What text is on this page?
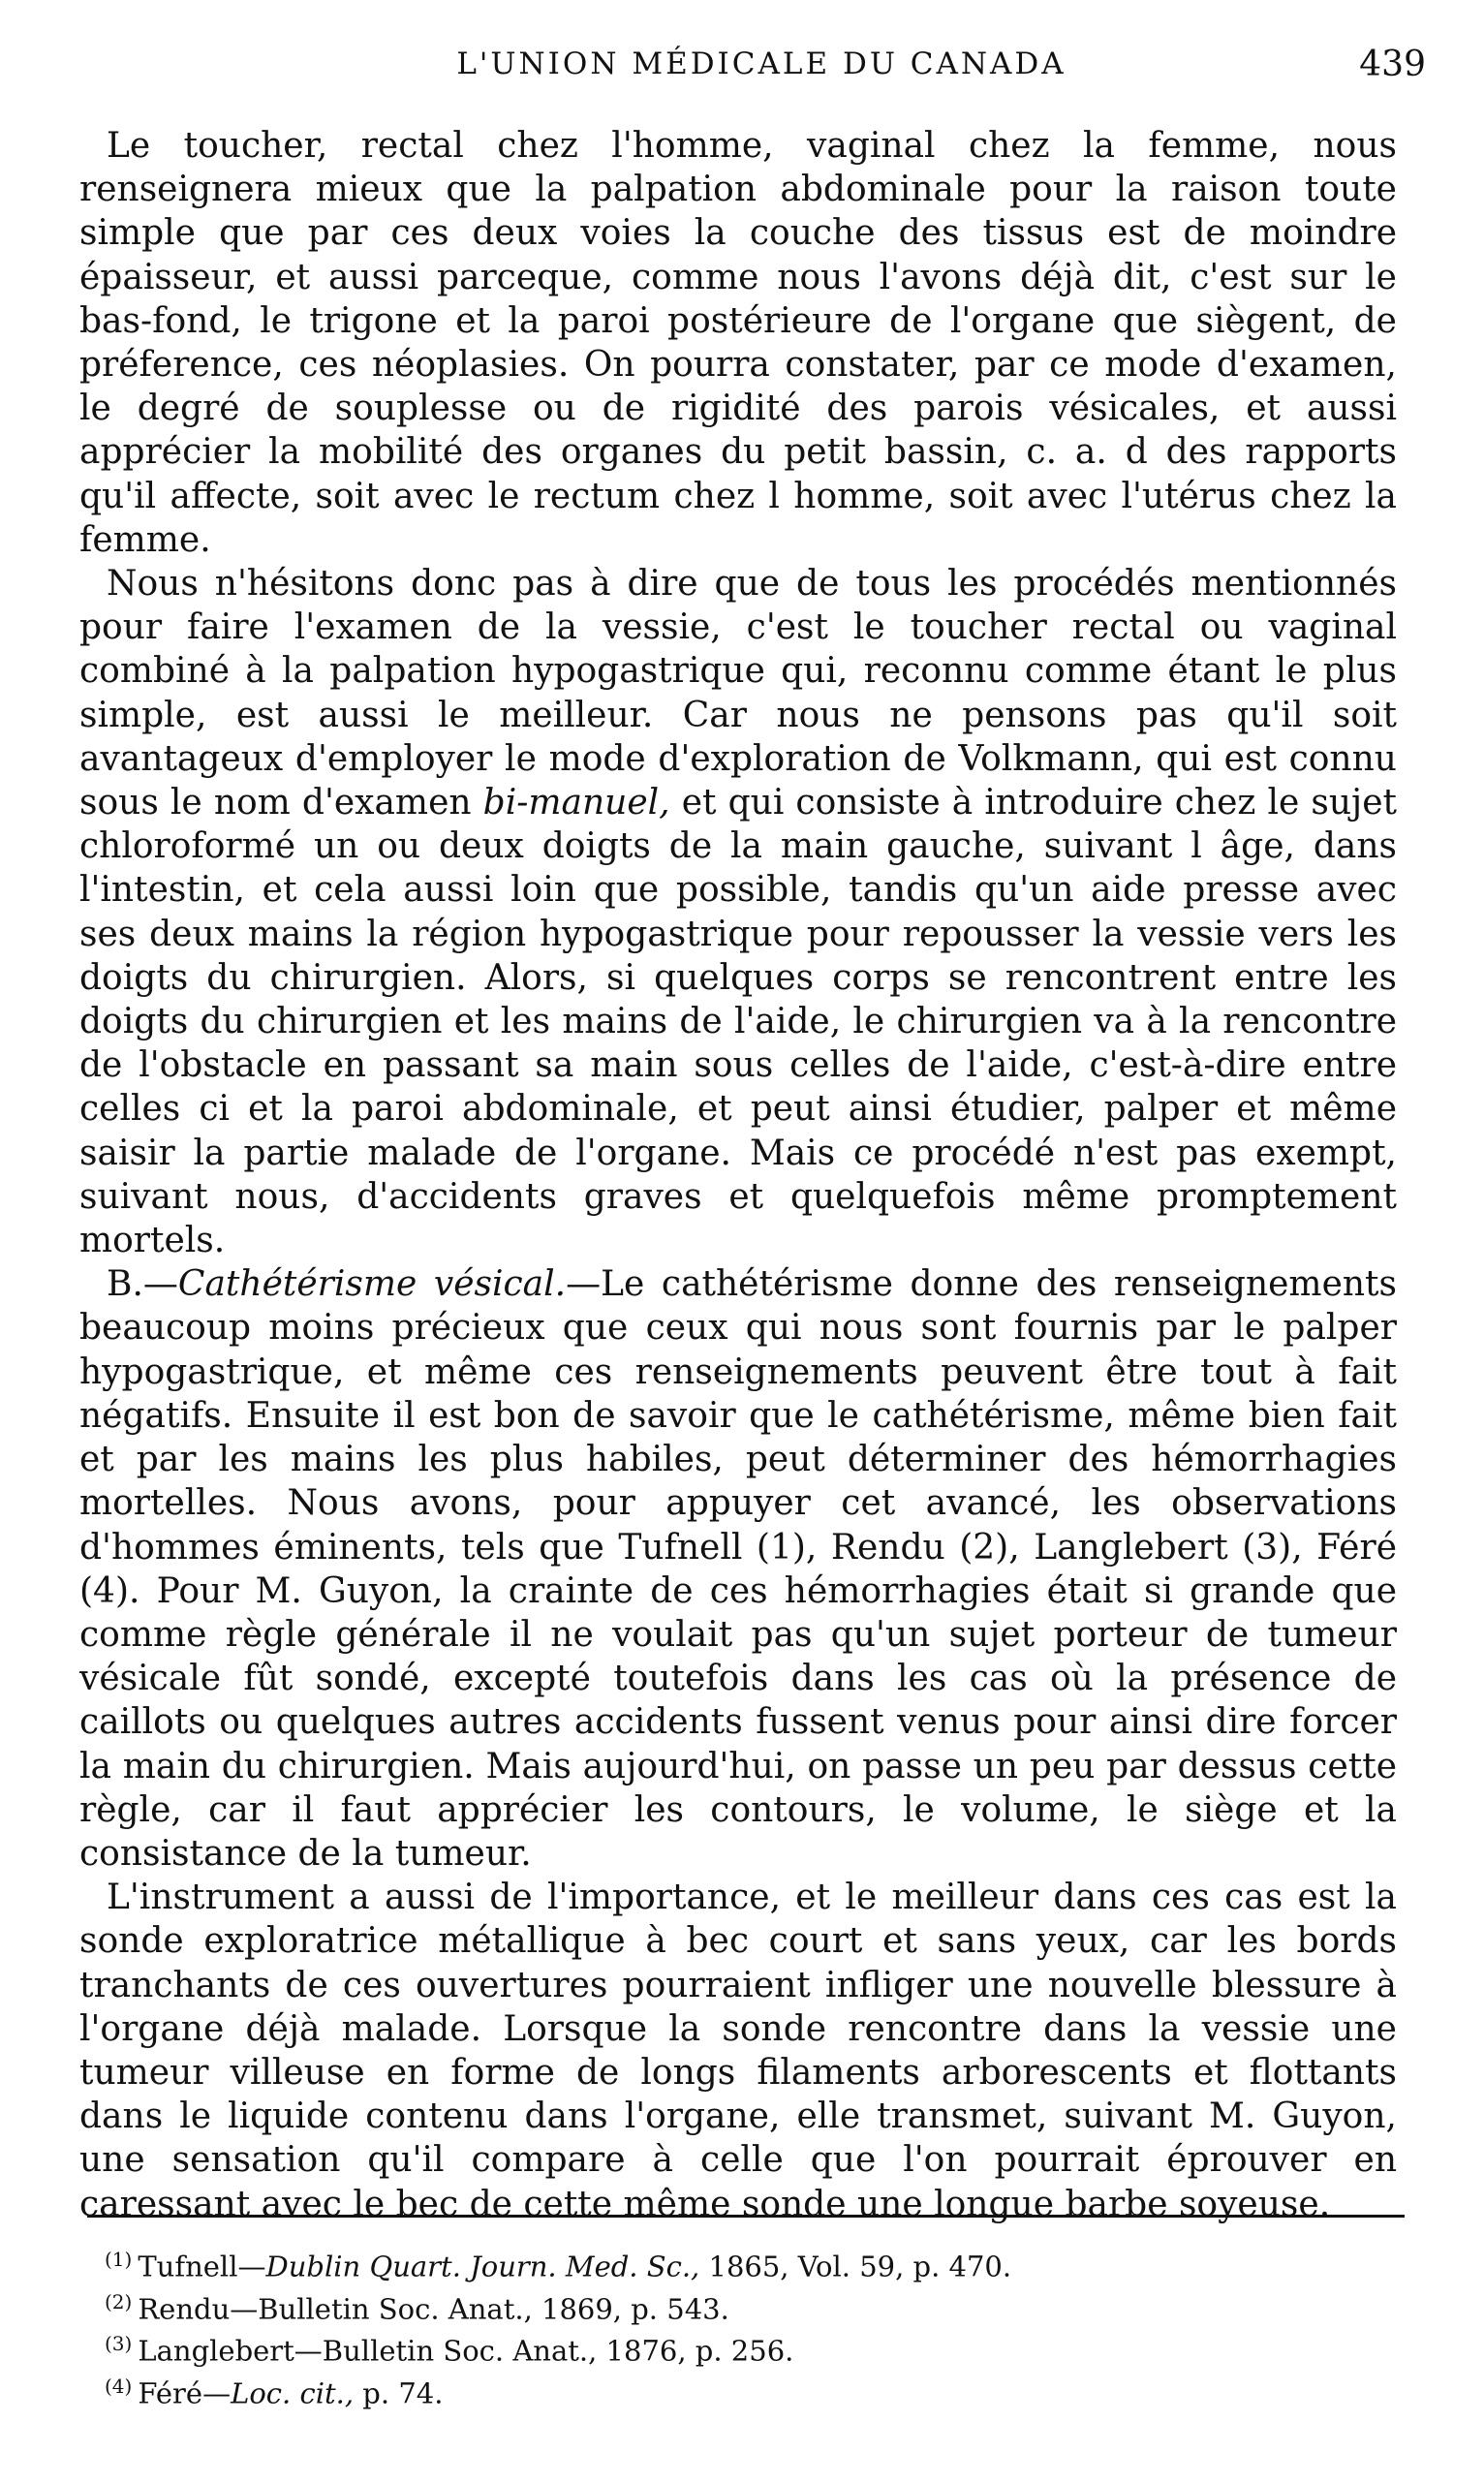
L'UNION MÉDICALE DU CANADA	439

Le toucher, rectal chez l'homme, vaginal chez la femme, nous renseignera mieux que la palpation abdominale pour la raison toute simple que par ces deux voies la couche des tissus est de moindre épaisseur, et aussi parceque, comme nous l'avons déjà dit, c'est sur le bas-fond, le trigone et la paroi postérieure de l'organe que siègent, de préference, ces néoplasies. On pourra constater, par ce mode d'examen, le degré de souplesse ou de rigidité des parois vésicales, et aussi apprécier la mobilité des organes du petit bassin, c. a. d des rapports qu'il affecte, soit avec le rectum chez l homme, soit avec l'utérus chez la femme.

Nous n'hésitons donc pas à dire que de tous les procédés mentionnés pour faire l'examen de la vessie, c'est le toucher rectal ou vaginal combiné à la palpation hypogastrique qui, reconnu comme étant le plus simple, est aussi le meilleur. Car nous ne pensons pas qu'il soit avantageux d'employer le mode d'exploration de Volkmann, qui est connu sous le nom d'examen bi-manuel, et qui consiste à introduire chez le sujet chloroformé un ou deux doigts de la main gauche, suivant l âge, dans l'intestin, et cela aussi loin que possible, tandis qu'un aide presse avec ses deux mains la région hypogastrique pour repousser la vessie vers les doigts du chirurgien. Alors, si quelques corps se rencontrent entre les doigts du chirurgien et les mains de l'aide, le chirurgien va à la rencontre de l'obstacle en passant sa main sous celles de l'aide, c'est-à-dire entre celles ci et la paroi abdominale, et peut ainsi étudier, palper et même saisir la partie malade de l'organe. Mais ce procédé n'est pas exempt, suivant nous, d'accidents graves et quelquefois même promptement mortels.

B.—Cathétérisme vésical.—Le cathétérisme donne des renseignements beaucoup moins précieux que ceux qui nous sont fournis par le palper hypogastrique, et même ces renseignements peuvent être tout à fait négatifs. Ensuite il est bon de savoir que le cathétérisme, même bien fait et par les mains les plus habiles, peut déterminer des hémorrhagies mortelles. Nous avons, pour appuyer cet avancé, les observations d'hommes éminents, tels que Tufnell (1), Rendu (2), Langlebert (3), Féré (4). Pour M. Guyon, la crainte de ces hémorrhagies était si grande que comme règle générale il ne voulait pas qu'un sujet porteur de tumeur vésicale fût sondé, excepté toutefois dans les cas où la présence de caillots ou quelques autres accidents fussent venus pour ainsi dire forcer la main du chirurgien. Mais aujourd'hui, on passe un peu par dessus cette règle, car il faut apprécier les contours, le volume, le siège et la consistance de la tumeur.

L'instrument a aussi de l'importance, et le meilleur dans ces cas est la sonde exploratrice métallique à bec court et sans yeux, car les bords tranchants de ces ouvertures pourraient infliger une nouvelle blessure à l'organe déjà malade. Lorsque la sonde rencontre dans la vessie une tumeur villeuse en forme de longs filaments arborescents et flottants dans le liquide contenu dans l'organe, elle transmet, suivant M. Guyon, une sensation qu'il compare à celle que l'on pourrait éprouver en caressant avec le bec de cette même sonde une longue barbe soyeuse.

$^{(1)}$ Tufnell—Dublin Quart. Journ. Med. Sc., 1865, Vol. 59, p. 470.
$^{(2)}$ Rendu—Bulletin Soc. Anat., 1869, p. 543.
$^{(3)}$ Langlebert—Bulletin Soc. Anat., 1876, p. 256.
$^{(4)}$ Féré—Loc. cit., p. 74.
